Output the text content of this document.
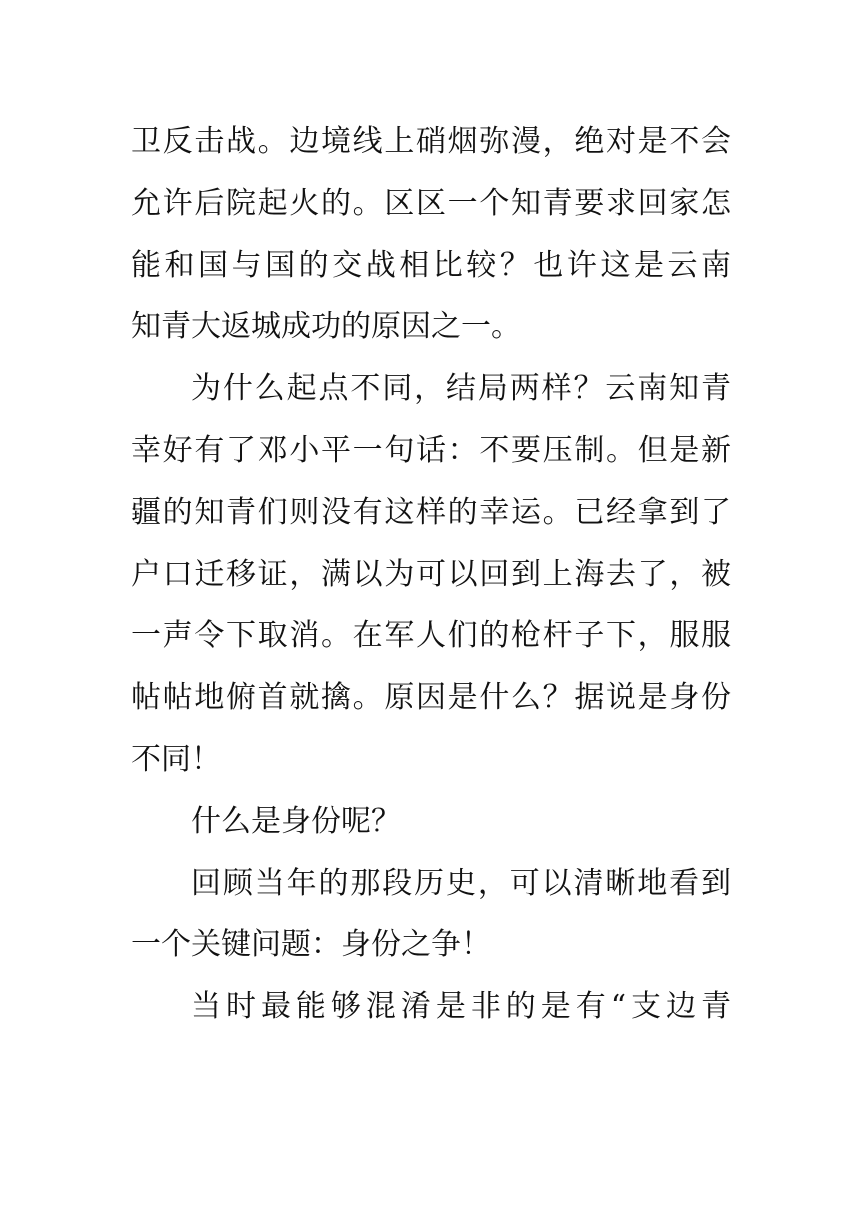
卫反击战。边境线上硝烟弥漫，绝对是不会
允许后院起火的。区区一个知青要求回家怎
能和国与国的交战相比较？也许这是云南
知青大返城成功的原因之一。
为什么起点不同，结局两样？云南知青
幸好有了邓小平一句话：不要压制。但是新
疆的知青们则没有这样的幸运。已经拿到了
户口迁移证，满以为可以回到上海去了，被
一声令下取消。在军人们的枪杆子下，服服
帖帖地俯首就擒。原因是什么？据说是身份
不同！
什么是身份呢？
回顾当年的那段历史，可以清晰地看到
一个关键问题：身份之争！
当时最能够混淆是非的是有“支边青
